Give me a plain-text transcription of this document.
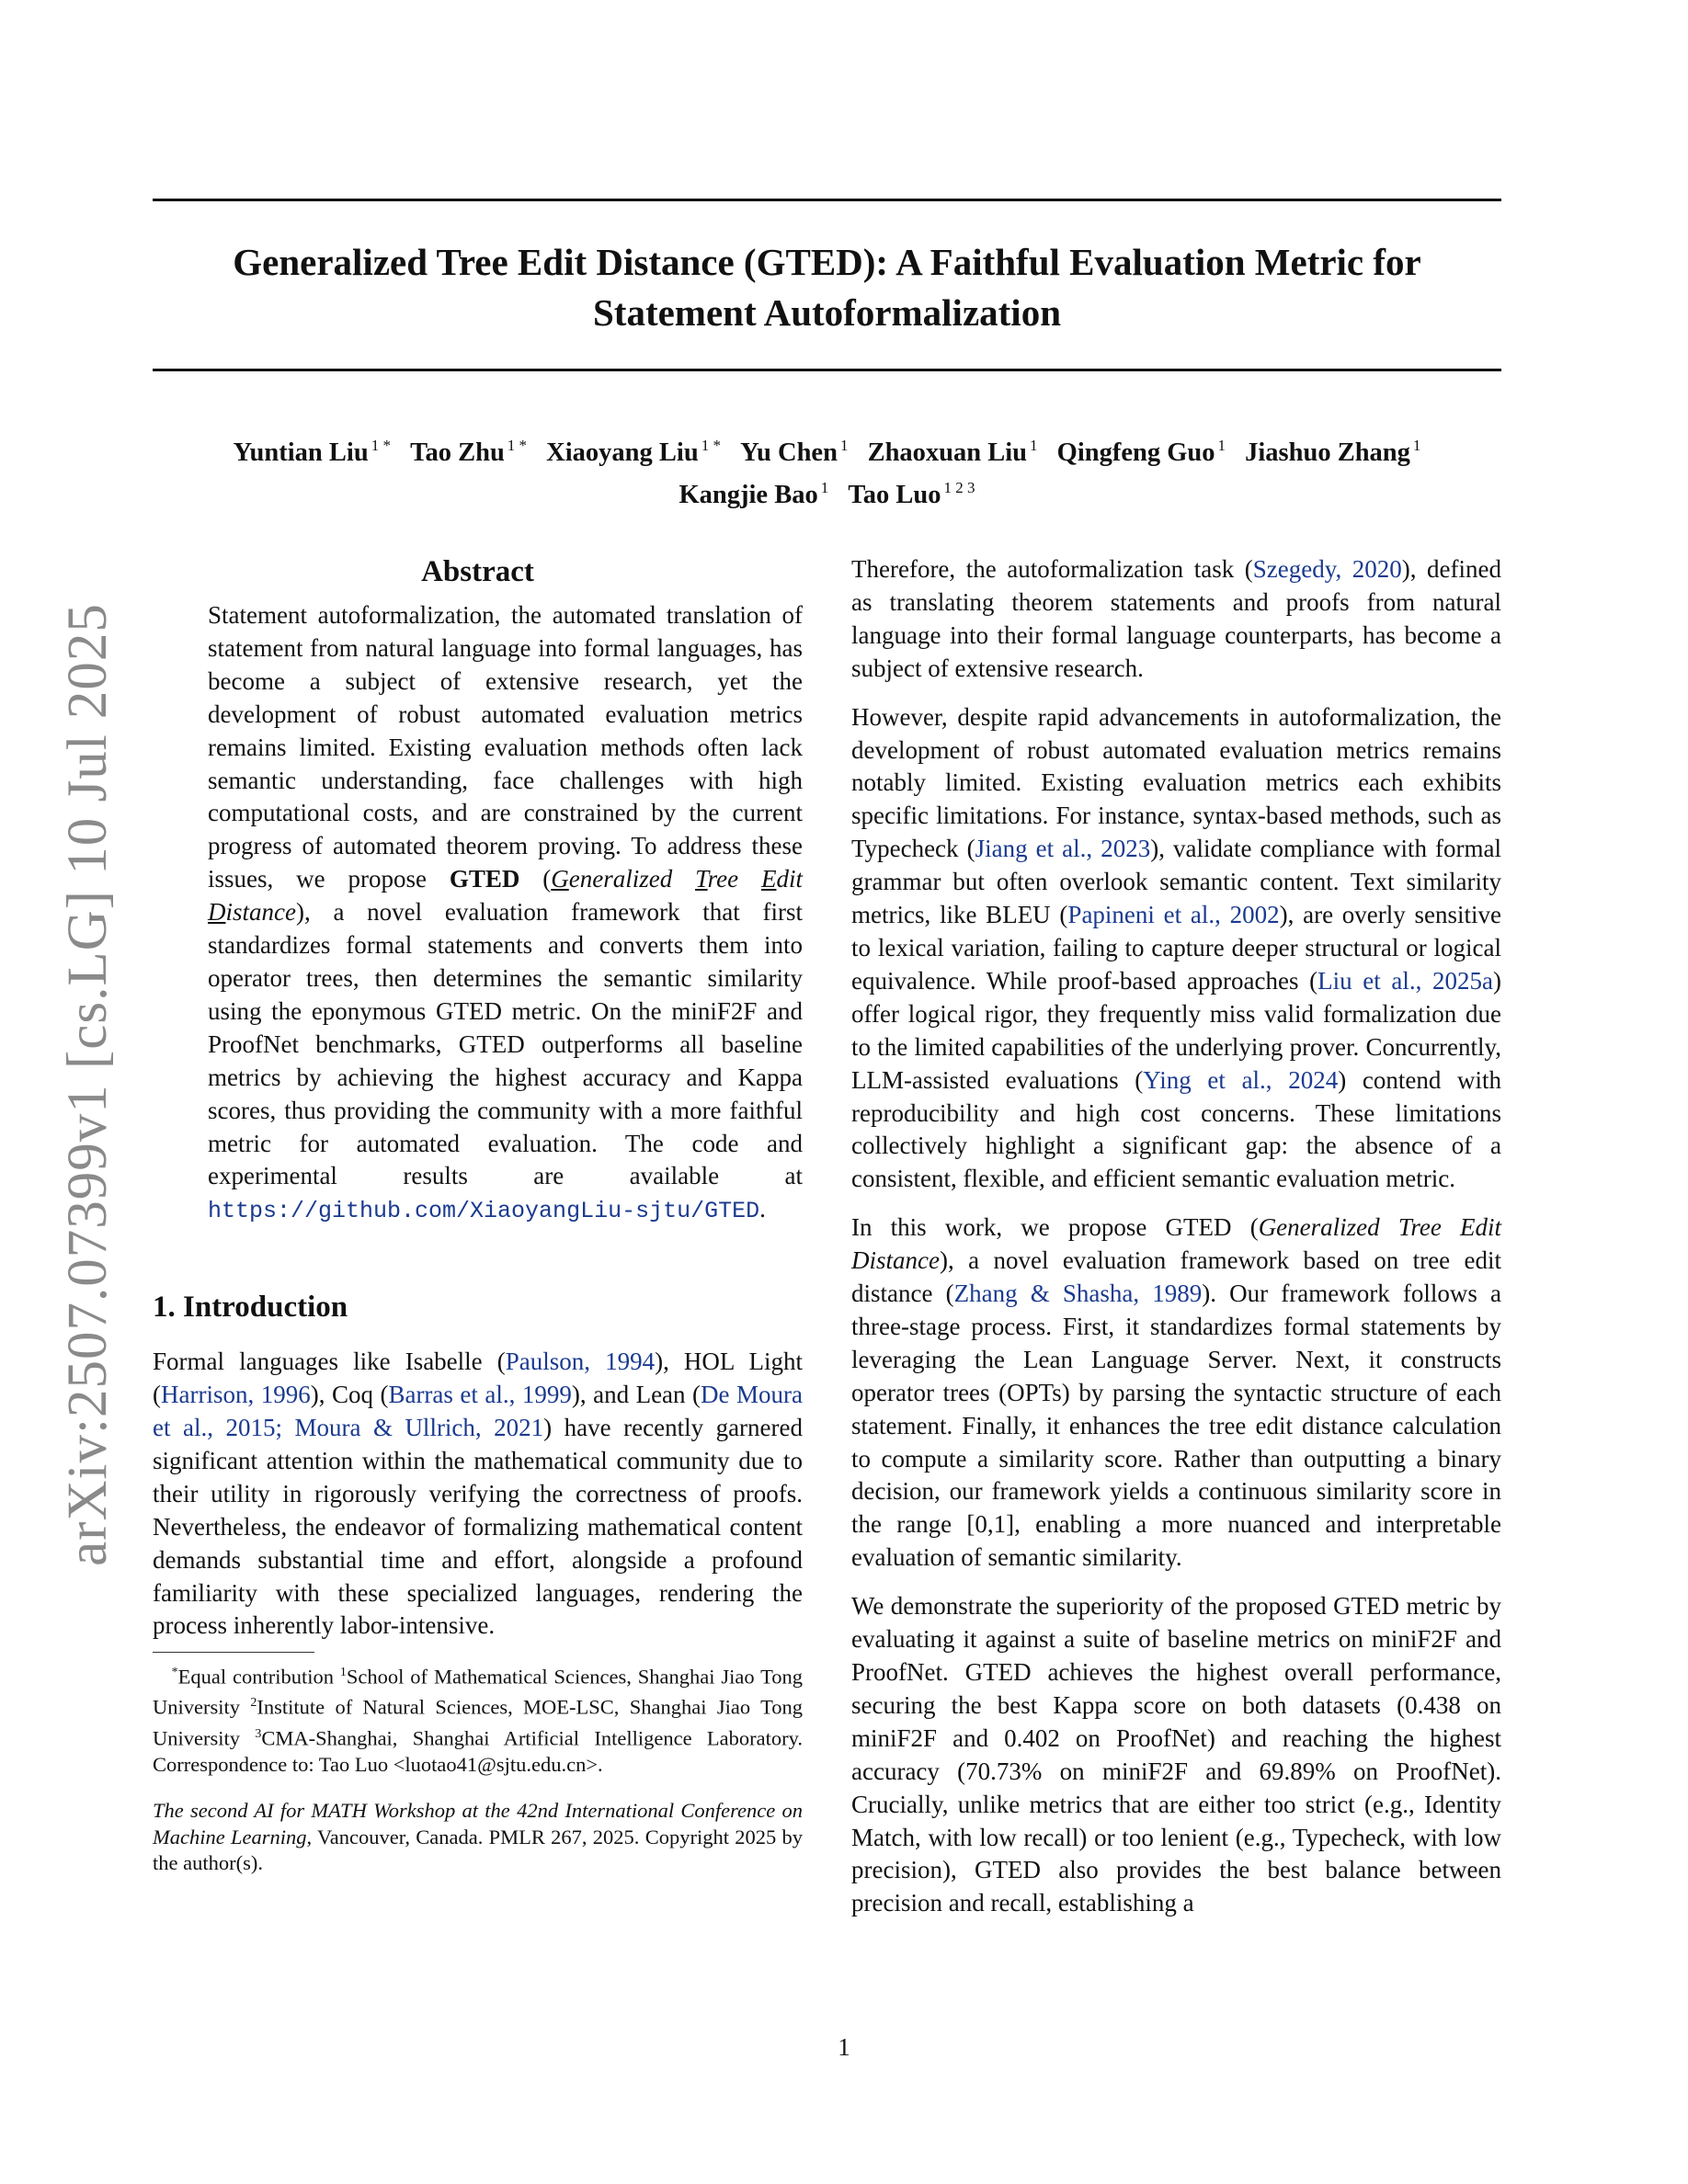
arXiv:2507.07399v1 [cs.LG] 10 Jul 2025
Generalized Tree Edit Distance (GTED): A Faithful Evaluation Metric for
Statement Autoformalization
Yuntian Liu $^{1 *}$ Tao Zhu $^{1 *}$ Xiaoyang Liu $^{1 *}$ Yu Chen $^1$ Zhaoxuan Liu $^1$ Qingfeng Guo $^1$ Jiashuo Zhang $^1$
Kangjie Bao $^1$ Tao Luo $^{1 2 3}$
Abstract

Statement autoformalization, the automated translation of statement from natural language into formal languages, has become a subject of extensive research, yet the development of robust automated evaluation metrics remains limited. Existing evaluation methods often lack semantic understanding, face challenges with high computational costs, and are constrained by the current progress of automated theorem proving. To address these issues, we propose GTED (Generalized Tree Edit Distance), a novel evaluation framework that first standardizes formal statements and converts them into operator trees, then determines the semantic similarity using the eponymous GTED metric. On the miniF2F and ProofNet benchmarks, GTED outperforms all baseline metrics by achieving the highest accuracy and Kappa scores, thus providing the community with a more faithful metric for automated evaluation. The code and experimental results are available at https://github.com/XiaoyangLiu-sjtu/GTED.

1. Introduction

Formal languages like Isabelle (Paulson, 1994), HOL Light (Harrison, 1996), Coq (Barras et al., 1999), and Lean (De Moura et al., 2015; Moura & Ullrich, 2021) have recently garnered significant attention within the mathematical community due to their utility in rigorously verifying the correctness of proofs. Nevertheless, the endeavor of formalizing mathematical content demands substantial time and effort, alongside a profound familiarity with these specialized languages, rendering the process inherently labor-intensive.

*Equal contribution $^1$School of Mathematical Sciences, Shanghai Jiao Tong University $^2$Institute of Natural Sciences, MOE-LSC, Shanghai Jiao Tong University $^3$CMA-Shanghai, Shanghai Artificial Intelligence Laboratory. Correspondence to: Tao Luo <luotao41@sjtu.edu.cn>.

The second AI for MATH Workshop at the 42nd International Conference on Machine Learning, Vancouver, Canada. PMLR 267, 2025. Copyright 2025 by the author(s).

Therefore, the autoformalization task (Szegedy, 2020), defined as translating theorem statements and proofs from natural language into their formal language counterparts, has become a subject of extensive research.

However, despite rapid advancements in autoformalization, the development of robust automated evaluation metrics remains notably limited. Existing evaluation metrics each exhibits specific limitations. For instance, syntax-based methods, such as Typecheck (Jiang et al., 2023), validate compliance with formal grammar but often overlook semantic content. Text similarity metrics, like BLEU (Papineni et al., 2002), are overly sensitive to lexical variation, failing to capture deeper structural or logical equivalence. While proof-based approaches (Liu et al., 2025a) offer logical rigor, they frequently miss valid formalization due to the limited capabilities of the underlying prover. Concurrently, LLM-assisted evaluations (Ying et al., 2024) contend with reproducibility and high cost concerns. These limitations collectively highlight a significant gap: the absence of a consistent, flexible, and efficient semantic evaluation metric.

In this work, we propose GTED (Generalized Tree Edit Distance), a novel evaluation framework based on tree edit distance (Zhang & Shasha, 1989). Our framework follows a three-stage process. First, it standardizes formal statements by leveraging the Lean Language Server. Next, it constructs operator trees (OPTs) by parsing the syntactic structure of each statement. Finally, it enhances the tree edit distance calculation to compute a similarity score. Rather than outputting a binary decision, our framework yields a continuous similarity score in the range [0,1], enabling a more nuanced and interpretable evaluation of semantic similarity.

We demonstrate the superiority of the proposed GTED metric by evaluating it against a suite of baseline metrics on miniF2F and ProofNet. GTED achieves the highest overall performance, securing the best Kappa score on both datasets (0.438 on miniF2F and 0.402 on ProofNet) and reaching the highest accuracy (70.73% on miniF2F and 69.89% on ProofNet). Crucially, unlike metrics that are either too strict (e.g., Identity Match, with low recall) or too lenient (e.g., Typecheck, with low precision), GTED also provides the best balance between precision and recall, establishing a

1
